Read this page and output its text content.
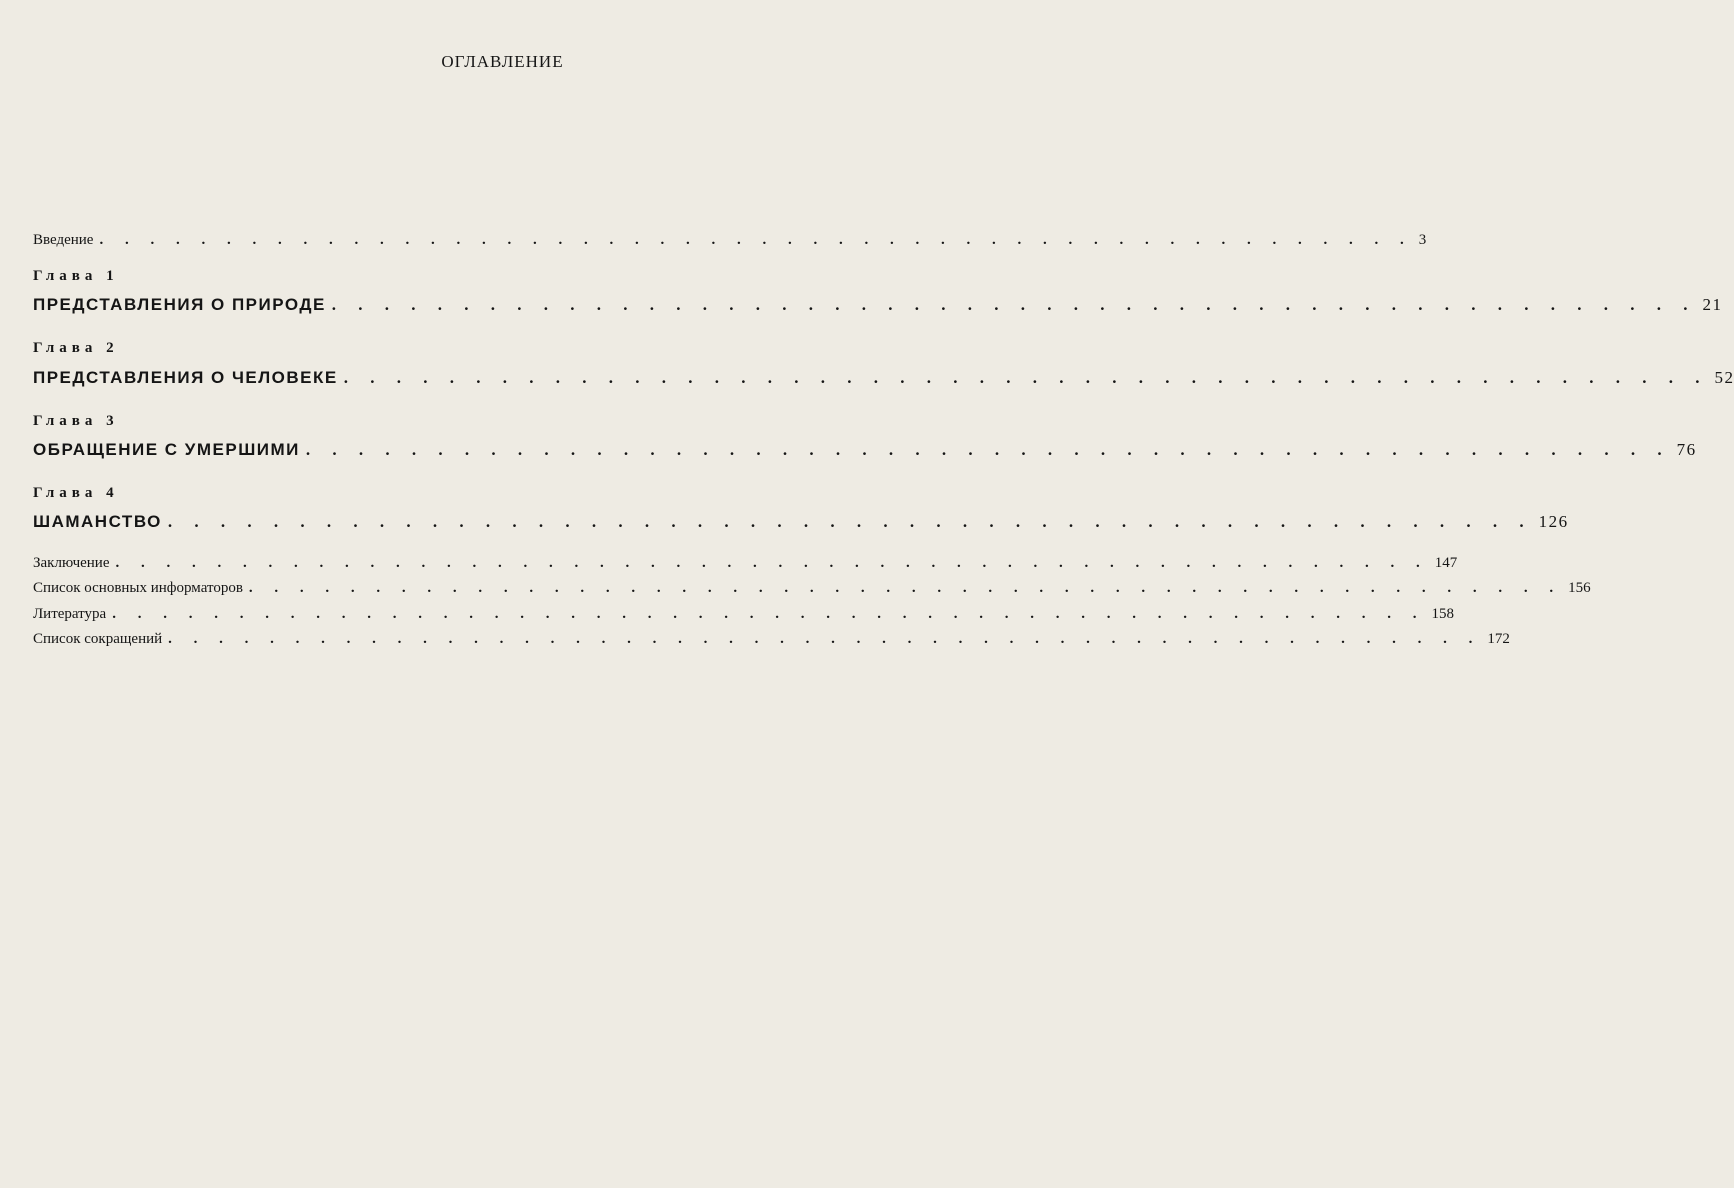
ОГЛАВЛЕНИЕ
Введение . . . . . . . . . . . . . . . . . . . . . . . . . . . . . . . . . . . . . . . . . . . . . . . . . . . . 3
Глава 1
ПРЕДСТАВЛЕНИЯ О ПРИРОДЕ . . . . . . . . . . . . . . . . . . . . . . . . . . . . . . . . . . . . . . . . . . . . . . . . . . . . 21
Глава 2
ПРЕДСТАВЛЕНИЯ О ЧЕЛОВЕКЕ . . . . . . . . . . . . . . . . . . . . . . . . . . . . . . . . . . . . . . . . . . . . . . . . . . . . 52
Глава 3
ОБРАЩЕНИЕ С УМЕРШИМИ . . . . . . . . . . . . . . . . . . . . . . . . . . . . . . . . . . . . . . . . . . . . . . . . . . . . 76
Глава 4
ШАМАНСТВО . . . . . . . . . . . . . . . . . . . . . . . . . . . . . . . . . . . . . . . . . . . . . . . . . . . . 126
Заключение . . . . . . . . . . . . . . . . . . . . . . . . . . . . . . . . . . . . . . . . . . . . . . . . . . . . 147
Список основных информаторов . . . . . . . . . . . . . . . . . . . . . . . . . . . . . . . . . . . . . . . . . . . . . . . . . . . . 156
Литература . . . . . . . . . . . . . . . . . . . . . . . . . . . . . . . . . . . . . . . . . . . . . . . . . . . . 158
Список сокращений . . . . . . . . . . . . . . . . . . . . . . . . . . . . . . . . . . . . . . . . . . . . . . . . . . . . 172
